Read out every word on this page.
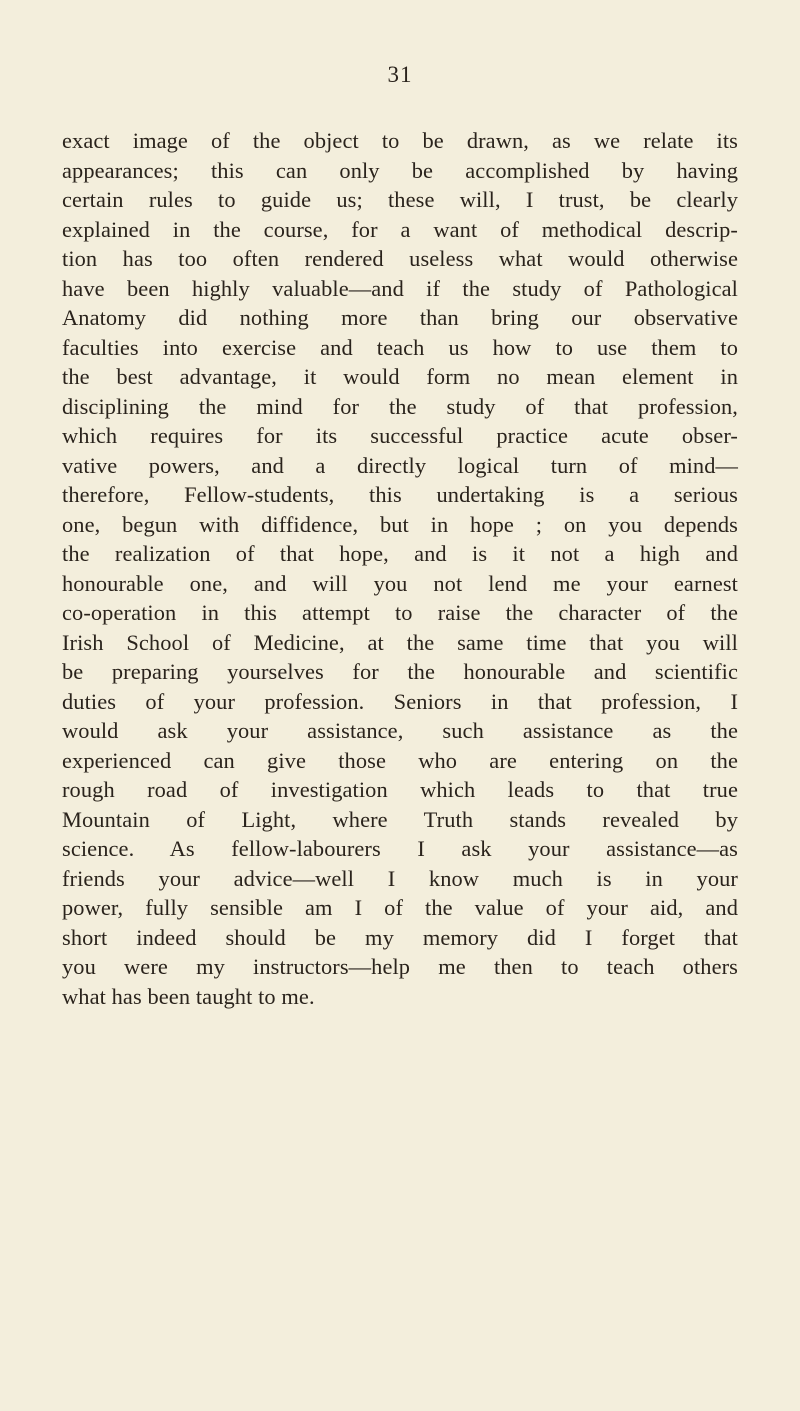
31
exact image of the object to be drawn, as we relate its
appearances; this can only be accomplished by having
certain rules to guide us; these will, I trust, be clearly
explained in the course, for a want of methodical descrip-
tion has too often rendered useless what would otherwise
have been highly valuable—and if the study of Pathological
Anatomy did nothing more than bring our observative
faculties into exercise and teach us how to use them to
the best advantage, it would form no mean element in
disciplining the mind for the study of that profession,
which requires for its successful practice acute obser-
vative powers, and a directly logical turn of mind—
therefore, Fellow-students, this undertaking is a serious
one, begun with diffidence, but in hope ; on you depends
the realization of that hope, and is it not a high and
honourable one, and will you not lend me your earnest
co-operation in this attempt to raise the character of the
Irish School of Medicine, at the same time that you will
be preparing yourselves for the honourable and scientific
duties of your profession. Seniors in that profession, I
would ask your assistance, such assistance as the
experienced can give those who are entering on the
rough road of investigation which leads to that true
Mountain of Light, where Truth stands revealed by
science. As fellow-labourers I ask your assistance—as
friends your advice—well I know much is in your
power, fully sensible am I of the value of your aid, and
short indeed should be my memory did I forget that
you were my instructors—help me then to teach others
what has been taught to me.
